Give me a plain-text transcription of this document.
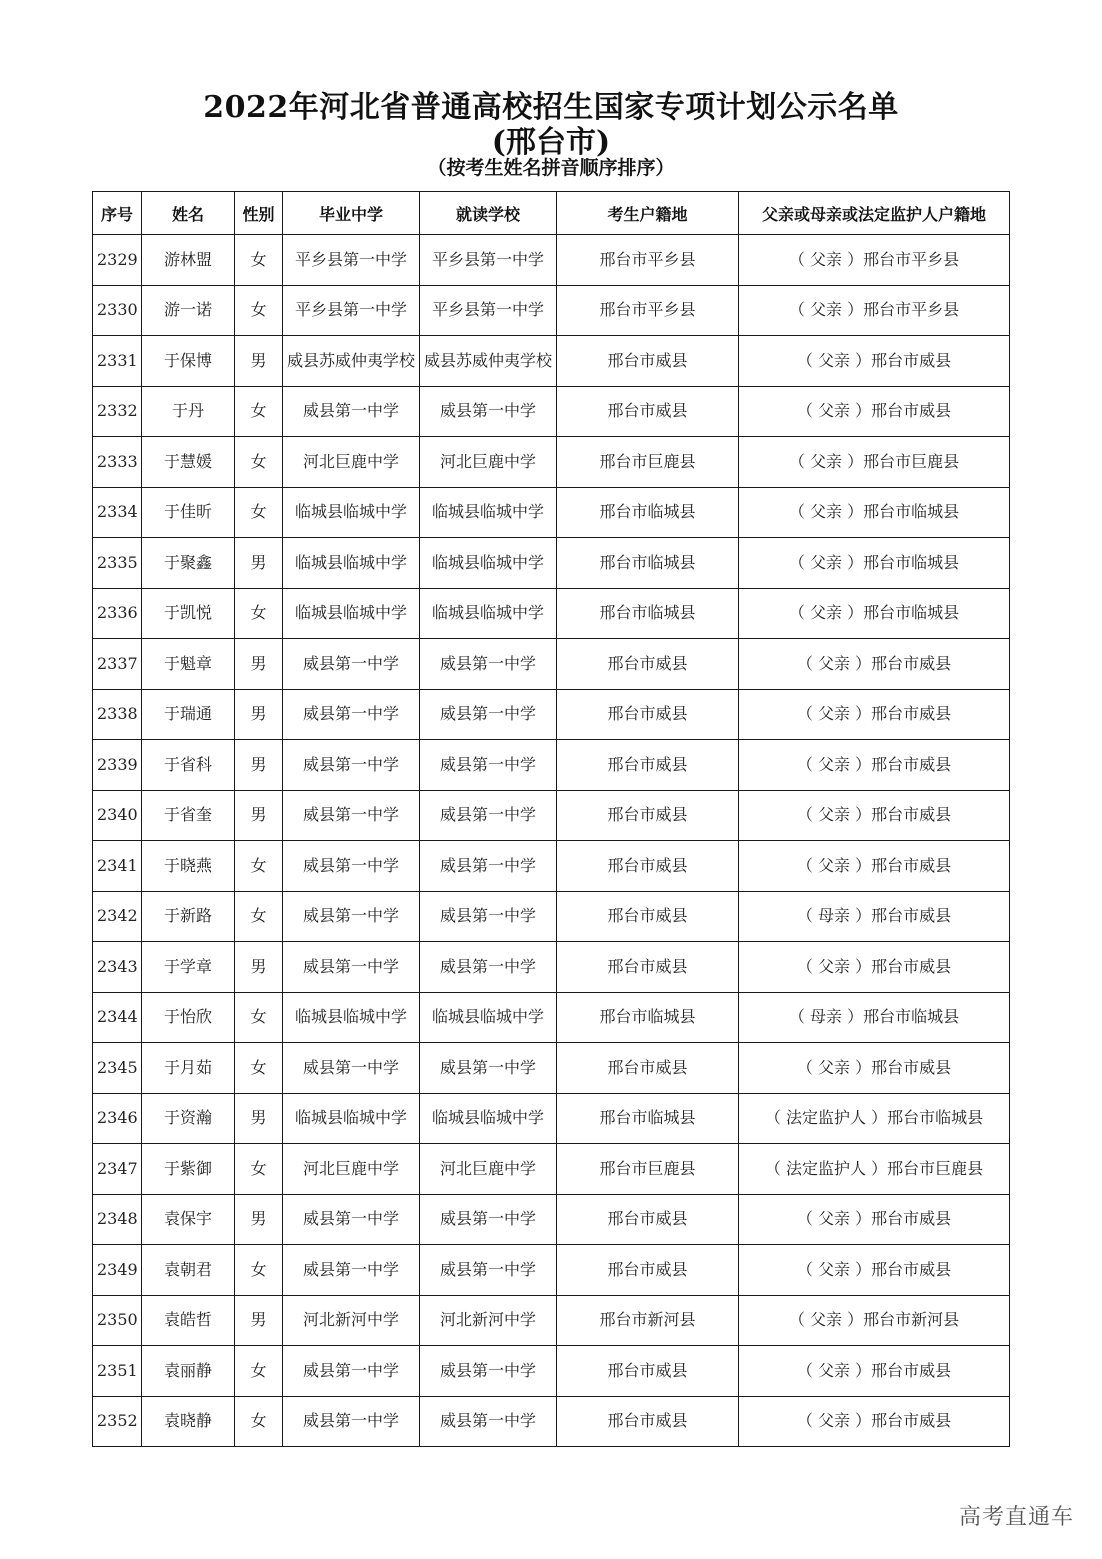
2022年河北省普通高校招生国家专项计划公示名单
(邢台市)
（按考生姓名拼音顺序排序）
序号	姓名	性别	毕业中学	就读学校	考生户籍地	父亲或母亲或法定监护人户籍地
2329	游林盟	女	平乡县第一中学	平乡县第一中学	邢台市平乡县	（ 父亲 ）邢台市平乡县
2330	游一诺	女	平乡县第一中学	平乡县第一中学	邢台市平乡县	（ 父亲 ）邢台市平乡县
2331	于保博	男	威县苏威仲夷学校	威县苏威仲夷学校	邢台市威县	（ 父亲 ）邢台市威县
2332	于丹	女	威县第一中学	威县第一中学	邢台市威县	（ 父亲 ）邢台市威县
2333	于慧媛	女	河北巨鹿中学	河北巨鹿中学	邢台市巨鹿县	（ 父亲 ）邢台市巨鹿县
2334	于佳昕	女	临城县临城中学	临城县临城中学	邢台市临城县	（ 父亲 ）邢台市临城县
2335	于聚鑫	男	临城县临城中学	临城县临城中学	邢台市临城县	（ 父亲 ）邢台市临城县
2336	于凯悦	女	临城县临城中学	临城县临城中学	邢台市临城县	（ 父亲 ）邢台市临城县
2337	于魁章	男	威县第一中学	威县第一中学	邢台市威县	（ 父亲 ）邢台市威县
2338	于瑞通	男	威县第一中学	威县第一中学	邢台市威县	（ 父亲 ）邢台市威县
2339	于省科	男	威县第一中学	威县第一中学	邢台市威县	（ 父亲 ）邢台市威县
2340	于省奎	男	威县第一中学	威县第一中学	邢台市威县	（ 父亲 ）邢台市威县
2341	于晓燕	女	威县第一中学	威县第一中学	邢台市威县	（ 父亲 ）邢台市威县
2342	于新路	女	威县第一中学	威县第一中学	邢台市威县	（ 母亲 ）邢台市威县
2343	于学章	男	威县第一中学	威县第一中学	邢台市威县	（ 父亲 ）邢台市威县
2344	于怡欣	女	临城县临城中学	临城县临城中学	邢台市临城县	（ 母亲 ）邢台市临城县
2345	于月茹	女	威县第一中学	威县第一中学	邢台市威县	（ 父亲 ）邢台市威县
2346	于资瀚	男	临城县临城中学	临城县临城中学	邢台市临城县	（ 法定监护人 ）邢台市临城县
2347	于紫御	女	河北巨鹿中学	河北巨鹿中学	邢台市巨鹿县	（ 法定监护人 ）邢台市巨鹿县
2348	袁保宇	男	威县第一中学	威县第一中学	邢台市威县	（ 父亲 ）邢台市威县
2349	袁朝君	女	威县第一中学	威县第一中学	邢台市威县	（ 父亲 ）邢台市威县
2350	袁皓哲	男	河北新河中学	河北新河中学	邢台市新河县	（ 父亲 ）邢台市新河县
2351	袁丽静	女	威县第一中学	威县第一中学	邢台市威县	（ 父亲 ）邢台市威县
2352	袁晓静	女	威县第一中学	威县第一中学	邢台市威县	（ 父亲 ）邢台市威县
高考直通车
